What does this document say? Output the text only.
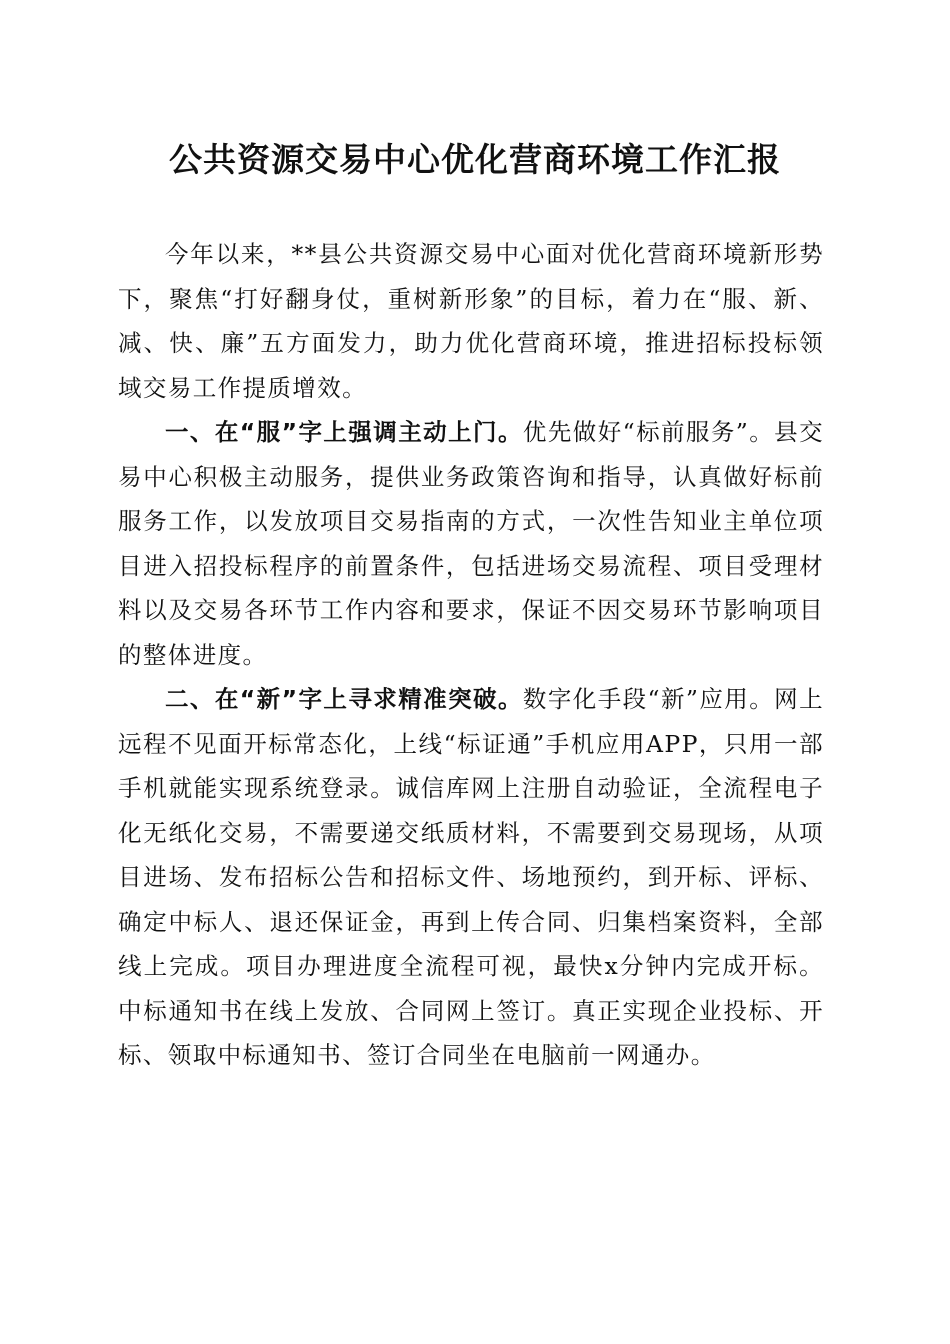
公共资源交易中心优化营商环境工作汇报

今年以来，**县公共资源交易中心面对优化营商环境新形势下，聚焦“打好翻身仗，重树新形象”的目标，着力在“服、新、减、快、廉”五方面发力，助力优化营商环境，推进招标投标领域交易工作提质增效。

一、在“服”字上强调主动上门。优先做好“标前服务”。县交易中心积极主动服务，提供业务政策咨询和指导，认真做好标前服务工作，以发放项目交易指南的方式，一次性告知业主单位项目进入招投标程序的前置条件，包括进场交易流程、项目受理材料以及交易各环节工作内容和要求，保证不因交易环节影响项目的整体进度。

二、在“新”字上寻求精准突破。数字化手段“新”应用。网上远程不见面开标常态化，上线“标证通”手机应用APP，只用一部手机就能实现系统登录。诚信库网上注册自动验证，全流程电子化无纸化交易，不需要递交纸质材料，不需要到交易现场，从项目进场、发布招标公告和招标文件、场地预约，到开标、评标、确定中标人、退还保证金，再到上传合同、归集档案资料，全部线上完成。项目办理进度全流程可视，最快x分钟内完成开标。中标通知书在线上发放、合同网上签订。真正实现企业投标、开标、领取中标通知书、签订合同坐在电脑前一网通办。
